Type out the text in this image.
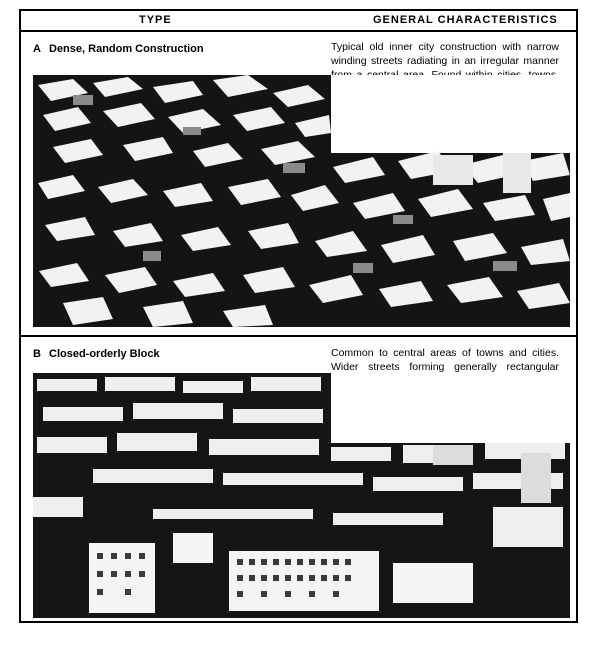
TYPE	GENERAL CHARACTERISTICS
A Dense, Random Construction	Typical old inner city construction with narrow winding streets radiating in an irregular manner
B Closed-orderly Block	Common to central areas of towns and cities. Wider streets forming generally rectangular
